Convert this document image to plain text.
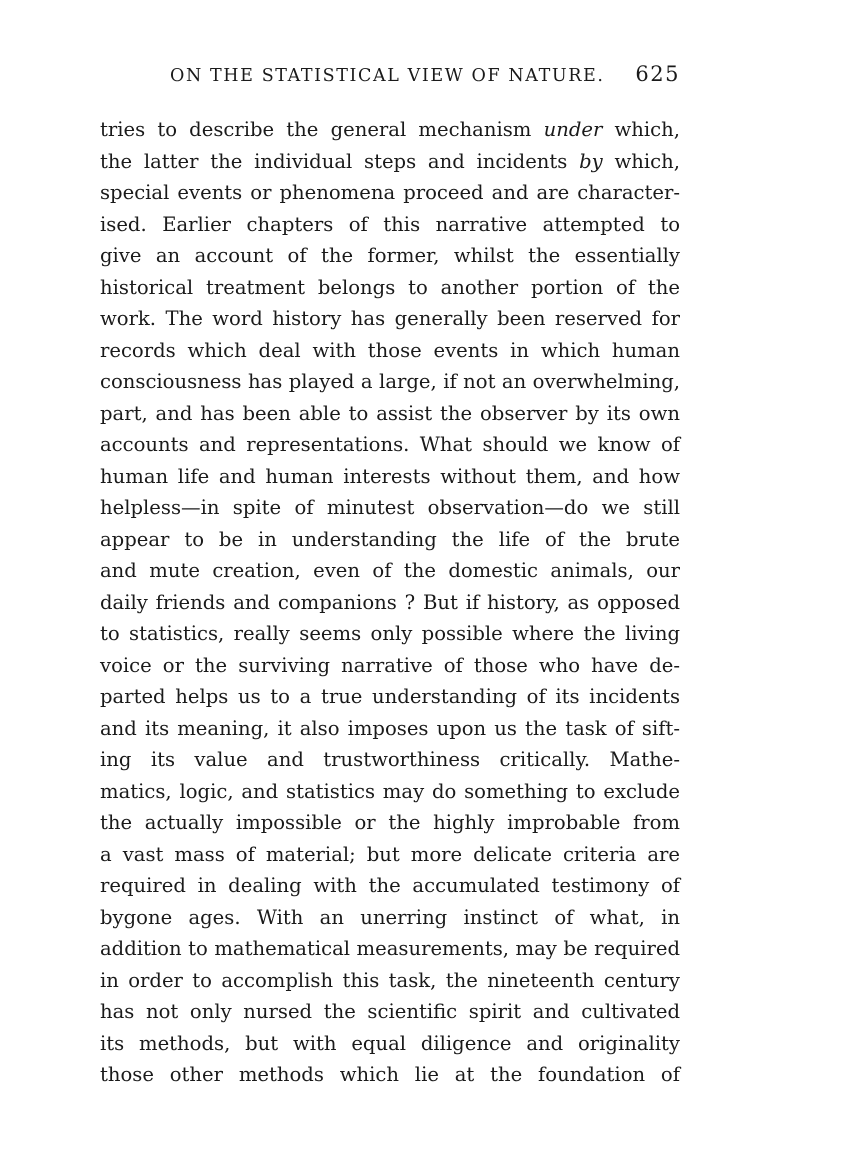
ON THE STATISTICAL VIEW OF NATURE. 625
tries to describe the general mechanism under which,
the latter the individual steps and incidents by which,
special events or phenomena proceed and are character-
ised. Earlier chapters of this narrative attempted to
give an account of the former, whilst the essentially
historical treatment belongs to another portion of the
work. The word history has generally been reserved for
records which deal with those events in which human
consciousness has played a large, if not an overwhelming,
part, and has been able to assist the observer by its own
accounts and representations. What should we know of
human life and human interests without them, and how
helpless—in spite of minutest observation—do we still
appear to be in understanding the life of the brute
and mute creation, even of the domestic animals, our
daily friends and companions ? But if history, as opposed
to statistics, really seems only possible where the living
voice or the surviving narrative of those who have de-
parted helps us to a true understanding of its incidents
and its meaning, it also imposes upon us the task of sift-
ing its value and trustworthiness critically. Mathe-
matics, logic, and statistics may do something to exclude
the actually impossible or the highly improbable from
a vast mass of material; but more delicate criteria are
required in dealing with the accumulated testimony of
bygone ages. With an unerring instinct of what, in
addition to mathematical measurements, may be required
in order to accomplish this task, the nineteenth century
has not only nursed the scientific spirit and cultivated
its methods, but with equal diligence and originality
those other methods which lie at the foundation of
